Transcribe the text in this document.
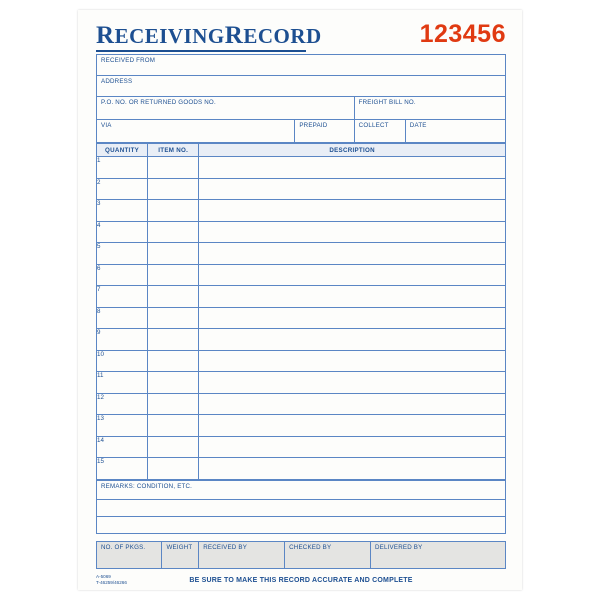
RECEIVINGRECORD	123456
RECEIVED FROM			

ADDRESS			

P.O. NO. OR RETURNED GOODS NO.		FREIGHT BILL NO.	

VIA	PREPAID	COLLECT	DATE
QUANTITY	ITEM NO.	DESCRIPTION
1		
2		
3		
4		
5		
6		
7		
8		
9		
10		
11		
12		
13		
14		
15		
REMARKS: CONDITION, ETC.

NO. OF PKGS.	WEIGHT	RECEIVED BY	CHECKED BY	DELIVERED BY
A-5069
T-46259/46266	BE SURE TO MAKE THIS RECORD ACCURATE AND COMPLETE
